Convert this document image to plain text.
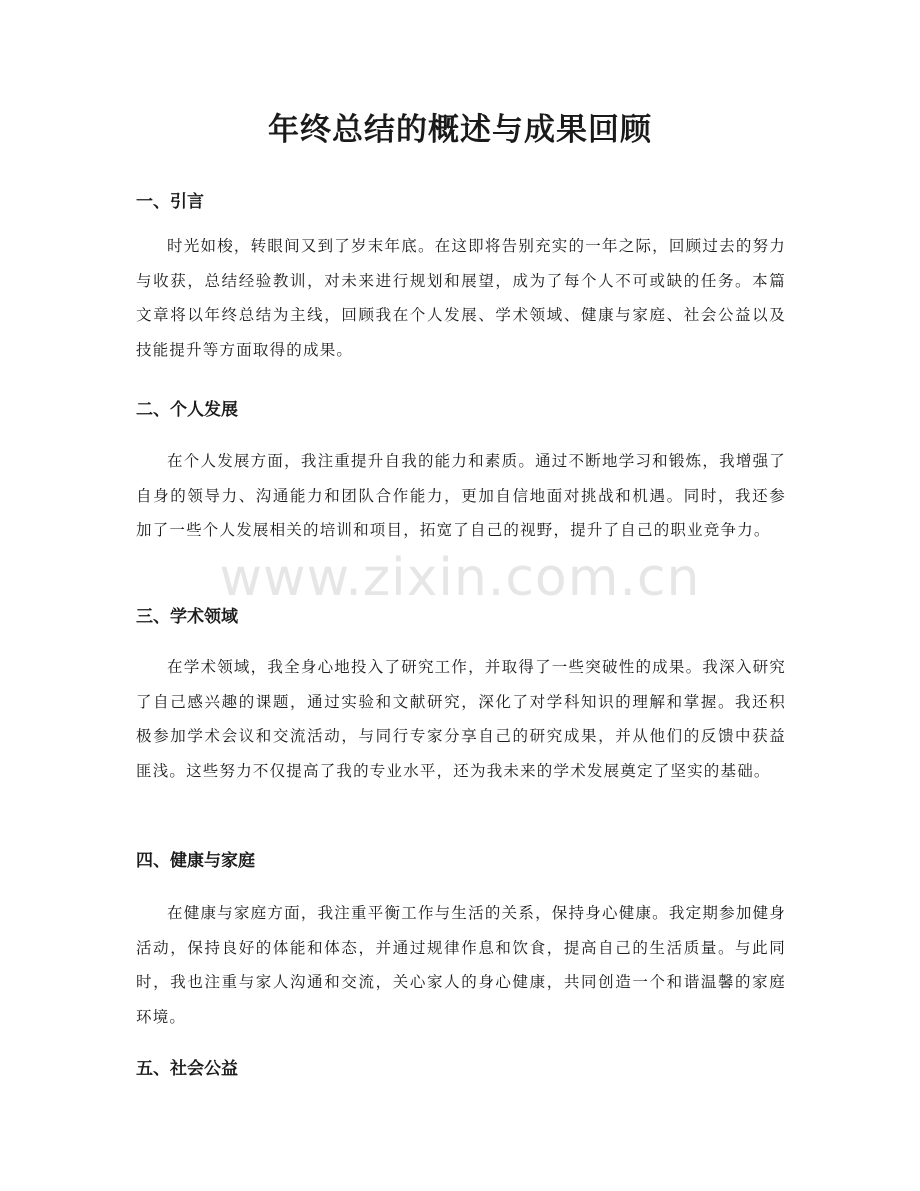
年终总结的概述与成果回顾
一、引言

时光如梭，转眼间又到了岁末年底。在这即将告别充实的一年之际，回顾过去的努力与收获，总结经验教训，对未来进行规划和展望，成为了每个人不可或缺的任务。本篇文章将以年终总结为主线，回顾我在个人发展、学术领域、健康与家庭、社会公益以及技能提升等方面取得的成果。

二、个人发展

在个人发展方面，我注重提升自我的能力和素质。通过不断地学习和锻炼，我增强了自身的领导力、沟通能力和团队合作能力，更加自信地面对挑战和机遇。同时，我还参加了一些个人发展相关的培训和项目，拓宽了自己的视野，提升了自己的职业竞争力。

三、学术领域

在学术领域，我全身心地投入了研究工作，并取得了一些突破性的成果。我深入研究了自己感兴趣的课题，通过实验和文献研究，深化了对学科知识的理解和掌握。我还积极参加学术会议和交流活动，与同行专家分享自己的研究成果，并从他们的反馈中获益匪浅。这些努力不仅提高了我的专业水平，还为我未来的学术发展奠定了坚实的基础。

四、健康与家庭

在健康与家庭方面，我注重平衡工作与生活的关系，保持身心健康。我定期参加健身活动，保持良好的体能和体态，并通过规律作息和饮食，提高自己的生活质量。与此同时，我也注重与家人沟通和交流，关心家人的身心健康，共同创造一个和谐温馨的家庭环境。

五、社会公益
www.zixin.com.cn
